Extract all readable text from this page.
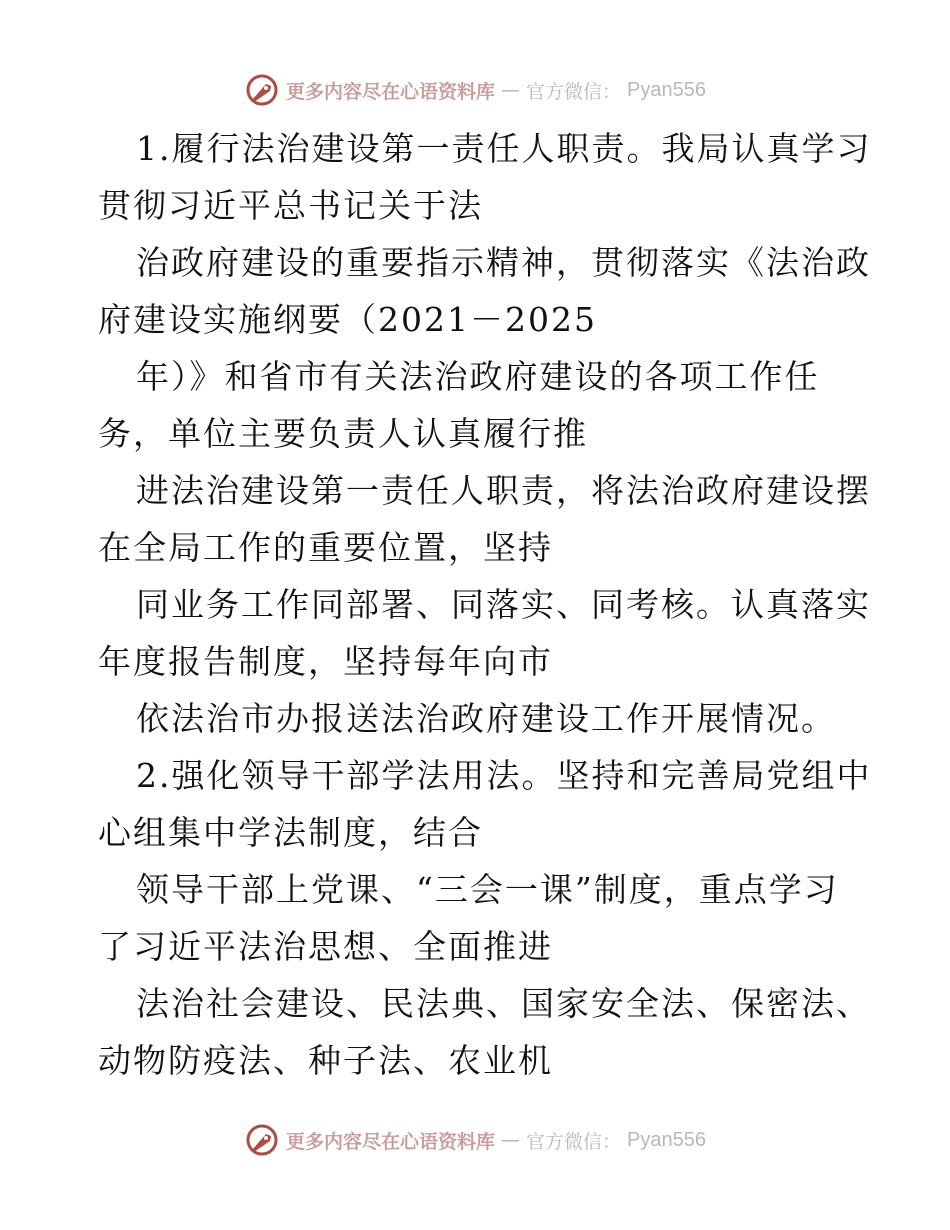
更多内容尽在心语资料库 — 官方微信： Pyan556
1.履行法治建设第一责任人职责。我局认真学习
贯彻习近平总书记关于法
治政府建设的重要指示精神，贯彻落实《法治政
府建设实施纲要（2021－2025
年）》和省市有关法治政府建设的各项工作任
务，单位主要负责人认真履行推
进法治建设第一责任人职责，将法治政府建设摆
在全局工作的重要位置，坚持
同业务工作同部署、同落实、同考核。认真落实
年度报告制度，坚持每年向市
依法治市办报送法治政府建设工作开展情况。
2.强化领导干部学法用法。坚持和完善局党组中
心组集中学法制度，结合
领导干部上党课、“三会一课”制度，重点学习
了习近平法治思想、全面推进
法治社会建设、民法典、国家安全法、保密法、
动物防疫法、种子法、农业机
更多内容尽在心语资料库 — 官方微信： Pyan556
